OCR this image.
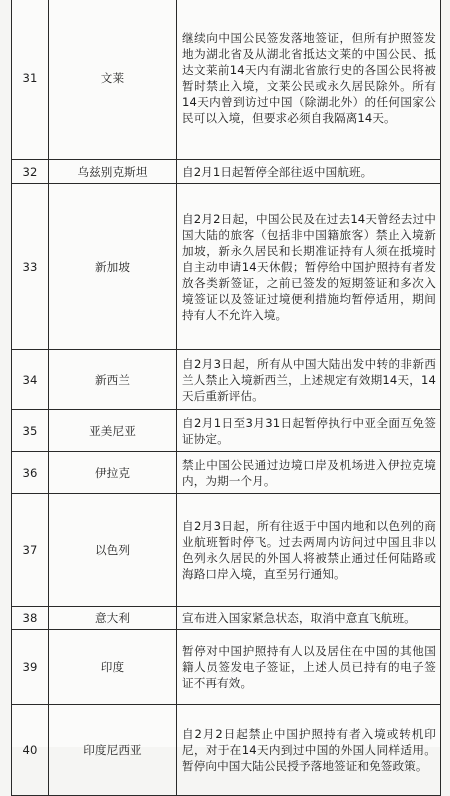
31	文莱	继续向中国公民签发落地签证，但所有护照签发地为湖北省及从湖北省抵达文莱的中国公民、抵达文莱前14天内有湖北省旅行史的各国公民将被暂时禁止入境，文莱公民或永久居民除外。所有14天内曾到访过中国（除湖北外）的任何国家公民可以入境，但要求必须自我隔离14天。
32	乌兹别克斯坦	自2月1日起暂停全部往返中国航班。
33	新加坡	自2月2日起，中国公民及在过去14天曾经去过中国大陆的旅客（包括非中国籍旅客）禁止入境新加坡，新永久居民和长期准证持有人须在抵境时自主动申请14天休假；暂停给中国护照持有者发放各类新签证，之前已签发的短期签证和多次入境签证以及签证过境便利措施均暂停适用，期间持有人不允许入境。
34	新西兰	自2月3日起，所有从中国大陆出发中转的非新西兰人禁止入境新西兰，上述规定有效期14天，14天后重新评估。
35	亚美尼亚	自2月1日至3月31日起暂停执行中亚全面互免签证协定。
36	伊拉克	禁止中国公民通过边境口岸及机场进入伊拉克境内，为期一个月。
37	以色列	自2月3日起，所有往返于中国内地和以色列的商业航班暂时停飞。过去两周内访问过中国且非以色列永久居民的外国人将被禁止通过任何陆路或海路口岸入境，直至另行通知。
38	意大利	宣布进入国家紧急状态，取消中意直飞航班。
39	印度	暂停对中国护照持有人以及居住在中国的其他国籍人员签发电子签证，上述人员已持有的电子签证不再有效。
40	印度尼西亚	自2月2日起禁止中国护照持有者入境或转机印尼，对于在14天内到过中国的外国人同样适用。暂停向中国大陆公民授予落地签证和免签政策。
